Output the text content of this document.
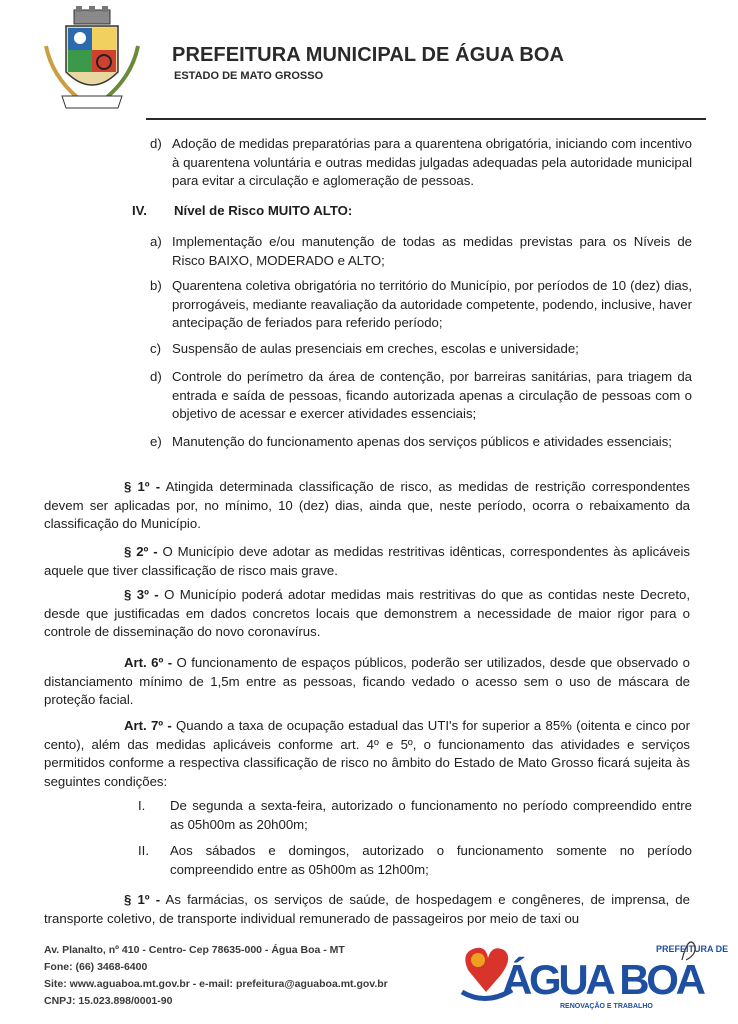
PREFEITURA MUNICIPAL DE ÁGUA BOA
ESTADO DE MATO GROSSO
d) Adoção de medidas preparatórias para a quarentena obrigatória, iniciando com incentivo à quarentena voluntária e outras medidas julgadas adequadas pela autoridade municipal para evitar a circulação e aglomeração de pessoas.
IV. Nível de Risco MUITO ALTO:
a) Implementação e/ou manutenção de todas as medidas previstas para os Níveis de Risco BAIXO, MODERADO e ALTO;
b) Quarentena coletiva obrigatória no território do Município, por períodos de 10 (dez) dias, prorrogáveis, mediante reavaliação da autoridade competente, podendo, inclusive, haver antecipação de feriados para referido período;
c) Suspensão de aulas presenciais em creches, escolas e universidade;
d) Controle do perímetro da área de contenção, por barreiras sanitárias, para triagem da entrada e saída de pessoas, ficando autorizada apenas a circulação de pessoas com o objetivo de acessar e exercer atividades essenciais;
e) Manutenção do funcionamento apenas dos serviços públicos e atividades essenciais;
§ 1º - Atingida determinada classificação de risco, as medidas de restrição correspondentes devem ser aplicadas por, no mínimo, 10 (dez) dias, ainda que, neste período, ocorra o rebaixamento da classificação do Município.
§ 2º - O Município deve adotar as medidas restritivas idênticas, correspondentes às aplicáveis aquele que tiver classificação de risco mais grave.
§ 3º - O Município poderá adotar medidas mais restritivas do que as contidas neste Decreto, desde que justificadas em dados concretos locais que demonstrem a necessidade de maior rigor para o controle de disseminação do novo coronavírus.
Art. 6º - O funcionamento de espaços públicos, poderão ser utilizados, desde que observado o distanciamento mínimo de 1,5m entre as pessoas, ficando vedado o acesso sem o uso de máscara de proteção facial.
Art. 7º - Quando a taxa de ocupação estadual das UTI's for superior a 85% (oitenta e cinco por cento), além das medidas aplicáveis conforme art. 4º e 5º, o funcionamento das atividades e serviços permitidos conforme a respectiva classificação de risco no âmbito do Estado de Mato Grosso ficará sujeita às seguintes condições:
I.	De segunda a sexta-feira, autorizado o funcionamento no período compreendido entre as 05h00m as 20h00m;
II.	Aos sábados e domingos, autorizado o funcionamento somente no período compreendido entre as 05h00m as 12h00m;
§ 1º - As farmácias, os serviços de saúde, de hospedagem e congêneres, de imprensa, de transporte coletivo, de transporte individual remunerado de passageiros por meio de taxi ou
Av. Planalto, nº 410 - Centro- Cep 78635-000 - Água Boa - MT
Fone: (66) 3468-6400
Site: www.aguaboa.mt.gov.br - e-mail: prefeitura@aguaboa.mt.gov.br
CNPJ: 15.023.898/0001-90
PREFEITURA DE
ÁGUA BOA
RENOVAÇÃO E TRABALHO
